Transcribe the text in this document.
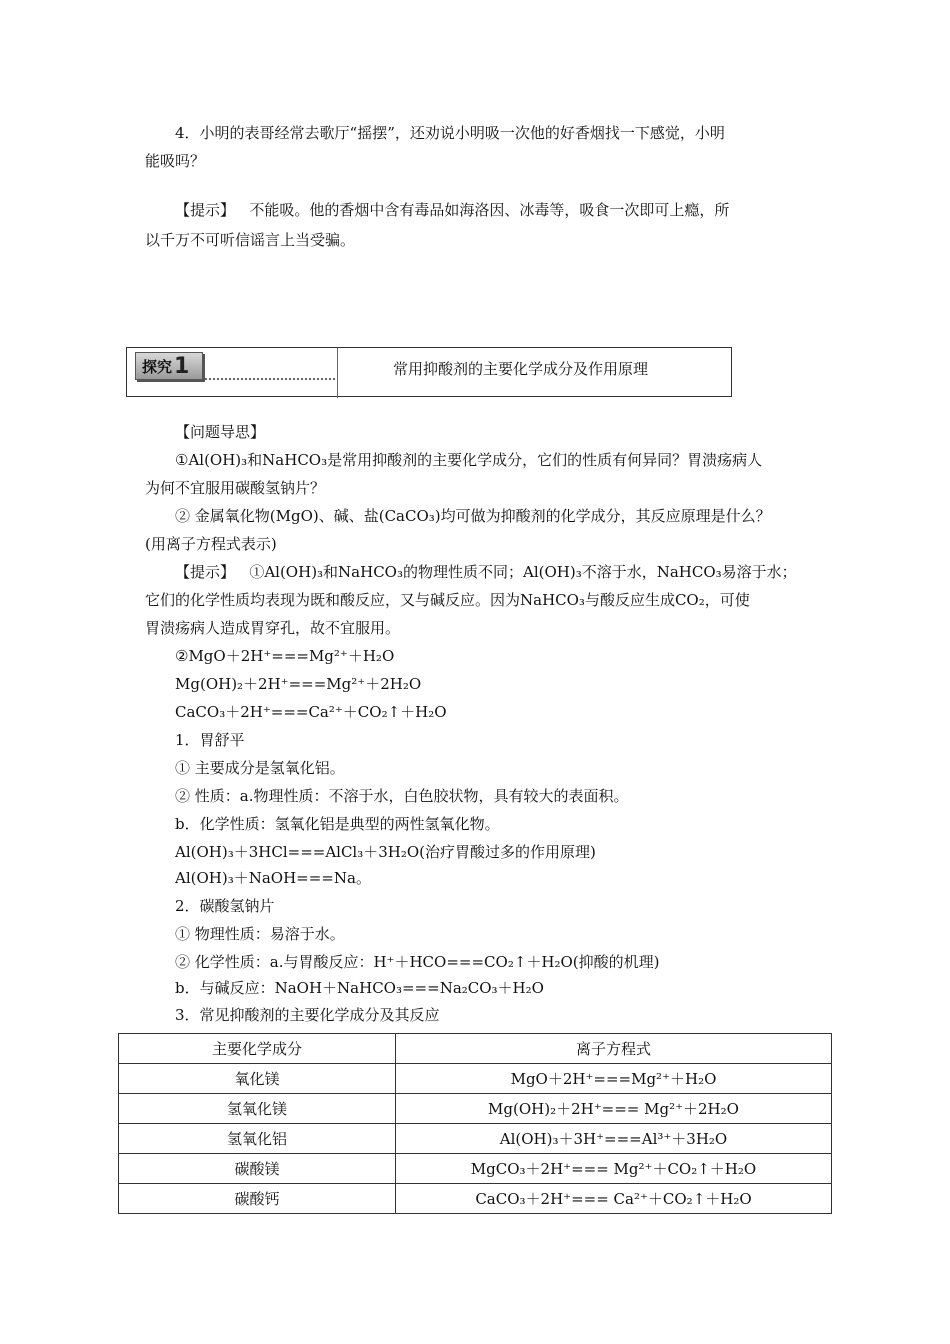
4．小明的表哥经常去歌厅“摇摆”，还劝说小明吸一次他的好香烟找一下感觉，小明
能吸吗？
【提示】 不能吸。他的香烟中含有毒品如海洛因、冰毒等，吸食一次即可上瘾，所
以千万不可听信谣言上当受骗。
探究 1	常用抑酸剂的主要化学成分及作用原理
【问题导思】
①Al(OH)₃和NaHCO₃是常用抑酸剂的主要化学成分，它们的性质有何异同？胃溃疡病人
为何不宜服用碳酸氢钠片？
② 金属氧化物(MgO)、碱、盐(CaCO₃)均可做为抑酸剂的化学成分，其反应原理是什么？
(用离子方程式表示)
【提示】 ①Al(OH)₃和NaHCO₃的物理性质不同；Al(OH)₃不溶于水，NaHCO₃易溶于水；
它们的化学性质均表现为既和酸反应，又与碱反应。因为NaHCO₃与酸反应生成CO₂，可使
胃溃疡病人造成胃穿孔，故不宜服用。
②MgO＋2H⁺===Mg²⁺＋H₂O
Mg(OH)₂＋2H⁺===Mg²⁺＋2H₂O
CaCO₃＋2H⁺===Ca²⁺＋CO₂↑＋H₂O
1．胃舒平
① 主要成分是氢氧化铝。
② 性质：a.物理性质：不溶于水，白色胶状物，具有较大的表面积。
b．化学性质：氢氧化铝是典型的两性氢氧化物。
Al(OH)₃＋3HCl===AlCl₃＋3H₂O(治疗胃酸过多的作用原理)
Al(OH)₃＋NaOH===Na。
2．碳酸氢钠片
① 物理性质：易溶于水。
② 化学性质：a.与胃酸反应：H⁺＋HCO===CO₂↑＋H₂O(抑酸的机理)
b．与碱反应：NaOH＋NaHCO₃===Na₂CO₃＋H₂O
3．常见抑酸剂的主要化学成分及其反应
主要化学成分	离子方程式
氧化镁	MgO＋2H⁺===Mg²⁺＋H₂O
氢氧化镁	Mg(OH)₂＋2H⁺=== Mg²⁺＋2H₂O
氢氧化铝	Al(OH)₃＋3H⁺===Al³⁺＋3H₂O
碳酸镁	MgCO₃＋2H⁺=== Mg²⁺＋CO₂↑＋H₂O
碳酸钙	CaCO₃＋2H⁺=== Ca²⁺＋CO₂↑＋H₂O
